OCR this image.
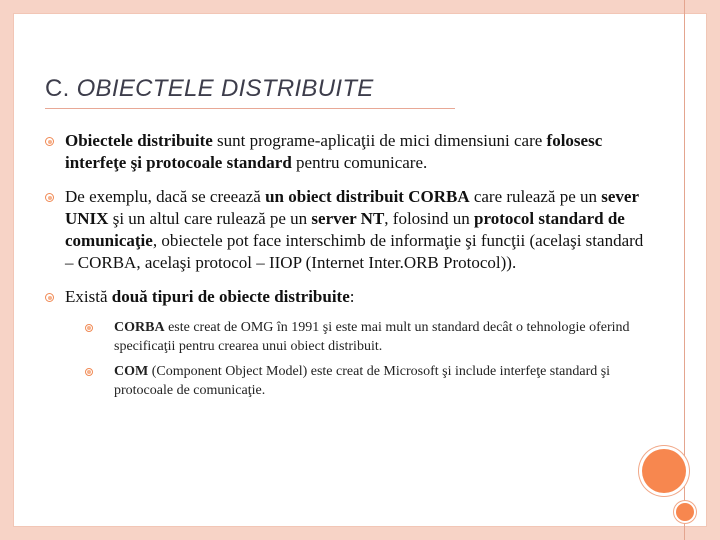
C. OBIECTELE DISTRIBUITE
Obiectele distribuite sunt programe-aplicaţii de mici dimensiuni care folosesc interfeţe şi protocoale standard pentru comunicare.
De exemplu, dacă se creează un obiect distribuit CORBA care rulează pe un sever UNIX şi un altul care rulează pe un server NT, folosind un protocol standard de comunicaţie, obiectele pot face interschimb de informaţie şi funcţii (acelaşi standard – CORBA, acelaşi protocol – IIOP (Internet Inter.ORB Protocol)).
Există două tipuri de obiecte distribuite:
CORBA este creat de OMG în 1991 şi este mai mult un standard decât o tehnologie oferind specificaţii pentru crearea unui obiect distribuit.
COM (Component Object Model) este creat de Microsoft şi include interfeţe standard şi protocoale de comunicaţie.
